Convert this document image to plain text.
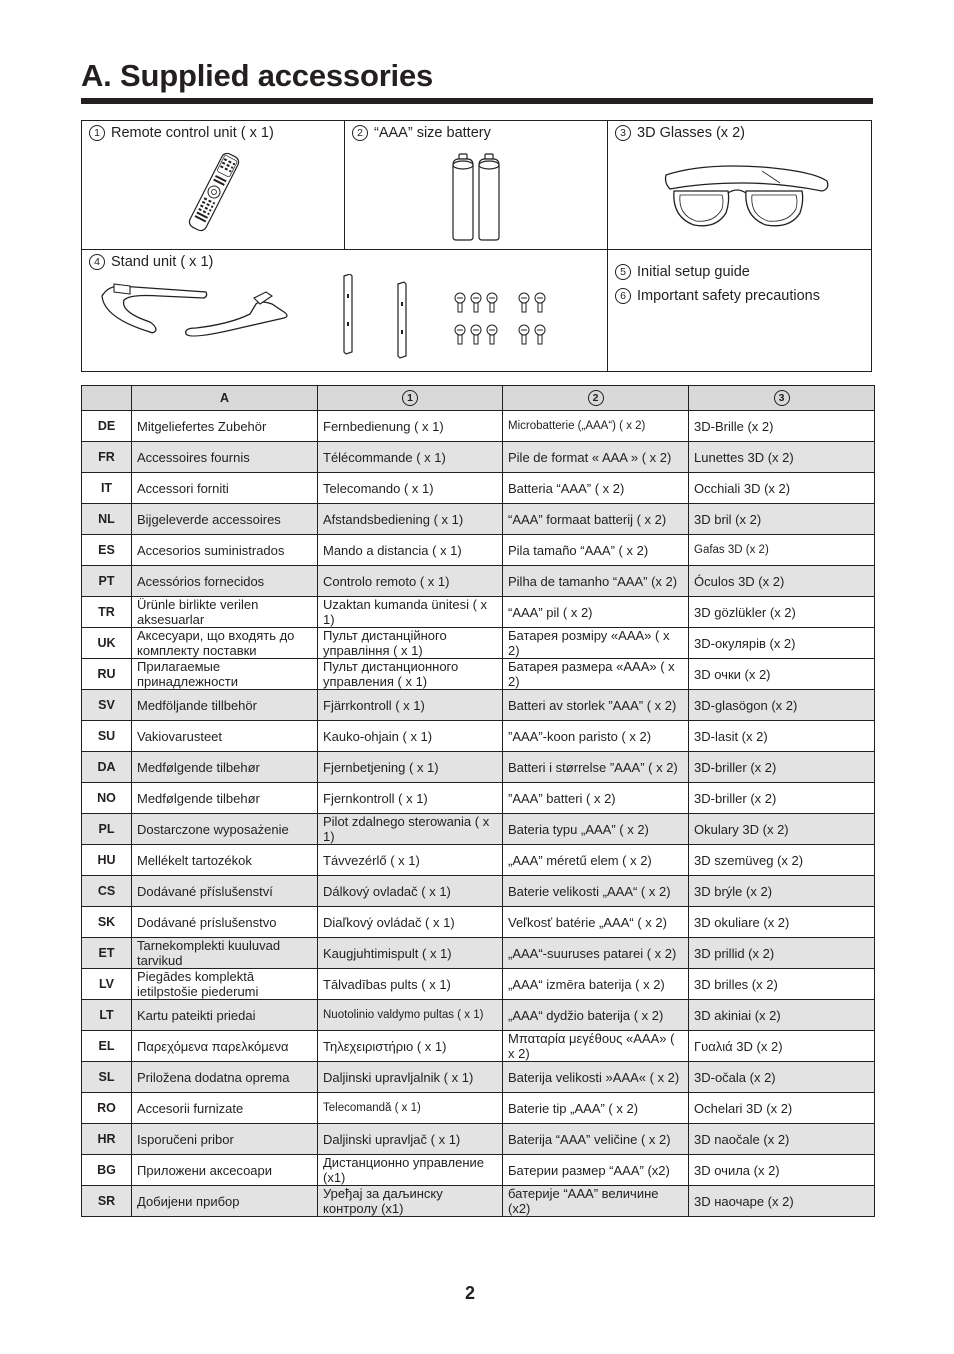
A. Supplied accessories
1 Remote control unit ( x 1)	2 “AAA” size battery	3 3D Glasses (x 2)
4 Stand unit ( x 1)
5 Initial setup guide
6 Important safety precautions
	A	1	2	3
DE	Mitgeliefertes Zubehör	Fernbedienung ( x 1)	Microbatterie („AAA“) ( x 2)	3D-Brille (x 2)
FR	Accessoires fournis	Télécommande ( x 1)	Pile de format « AAA » ( x 2)	Lunettes 3D (x 2)
IT	Accessori forniti	Telecomando ( x 1)	Batteria “AAA” ( x 2)	Occhiali 3D (x 2)
NL	Bijgeleverde accessoires	Afstandsbediening ( x 1)	“AAA” formaat batterij ( x 2)	3D bril (x 2)
ES	Accesorios suministrados	Mando a distancia ( x 1)	Pila tamaño “AAA” ( x 2)	Gafas 3D (x 2)
PT	Acessórios fornecidos	Controlo remoto ( x 1)	Pilha de tamanho “AAA” (x 2)	Óculos 3D (x 2)
TR	Ürünle birlikte verilen aksesuarlar	Uzaktan kumanda ünitesi ( x 1)	“AAA” pil ( x 2)	3D gözlükler (x 2)
UK	Аксесуари, що входять до комплекту поставки	Пульт дистанційного управління ( x 1)	Батарея розміру «AAA» ( x 2)	3D-окулярів (x 2)
RU	Прилагаемые принадлежности	Пульт дистанционного управления ( x 1)	Батарея размера «AAA» ( x 2)	3D очки (x 2)
SV	Medföljande tillbehör	Fjärrkontroll ( x 1)	Batteri av storlek ”AAA” ( x 2)	3D-glasögon (x 2)
SU	Vakiovarusteet	Kauko-ohjain ( x 1)	”AAA”-koon paristo ( x 2)	3D-lasit (x 2)
DA	Medfølgende tilbehør	Fjernbetjening ( x 1)	Batteri i størrelse ”AAA” ( x 2)	3D-briller (x 2)
NO	Medfølgende tilbehør	Fjernkontroll ( x 1)	”AAA” batteri ( x 2)	3D-briller (x 2)
PL	Dostarczone wyposażenie	Pilot zdalnego sterowania ( x 1)	Bateria typu „AAA” ( x 2)	Okulary 3D (x 2)
HU	Mellékelt tartozékok	Távvezérlő ( x 1)	„AAA” méretű elem ( x 2)	3D szemüveg (x 2)
CS	Dodávané příslušenství	Dálkový ovladač ( x 1)	Baterie velikosti „AAA“ ( x 2)	3D brýle (x 2)
SK	Dodávané príslušenstvo	Diaľkový ovládač ( x 1)	Veľkosť batérie „AAA“ ( x 2)	3D okuliare (x 2)
ET	Tarnekomplekti kuuluvad tarvikud	Kaugjuhtimispult ( x 1)	„AAA“-suuruses patarei ( x 2)	3D prillid (x 2)
LV	Piegādes komplektā ietilpstošie piederumi	Tālvadības pults ( x 1)	„AAA“ izmēra baterija ( x 2)	3D brilles (x 2)
LT	Kartu pateikti priedai	Nuotolinio valdymo pultas ( x 1)	„AAA“ dydžio baterija ( x 2)	3D akiniai (x 2)
EL	Παρεχόμενα παρελκόμενα	Τηλεχειριστήριο ( x 1)	Μπαταρία μεγέθους «AAA» ( x 2)	Γυαλιά 3D (x 2)
SL	Priložena dodatna oprema	Daljinski upravljalnik ( x 1)	Baterija velikosti »AAA« ( x 2)	3D-očala (x 2)
RO	Accesorii furnizate	Telecomandă ( x 1)	Baterie tip „AAA” ( x 2)	Ochelari 3D (x 2)
HR	Isporučeni pribor	Daljinski upravljač ( x 1)	Baterija “AAA” veličine ( x 2)	3D naočale (x 2)
BG	Приложени аксесоари	Дистанционно управление (x1)	Батерии размер “AAA” (x2)	3D очила (x 2)
SR	Добијени прибор	Уређај за даљинску контролу (x1)	батерије “AAA” величине (x2)	3D наочаре (x 2)
2
